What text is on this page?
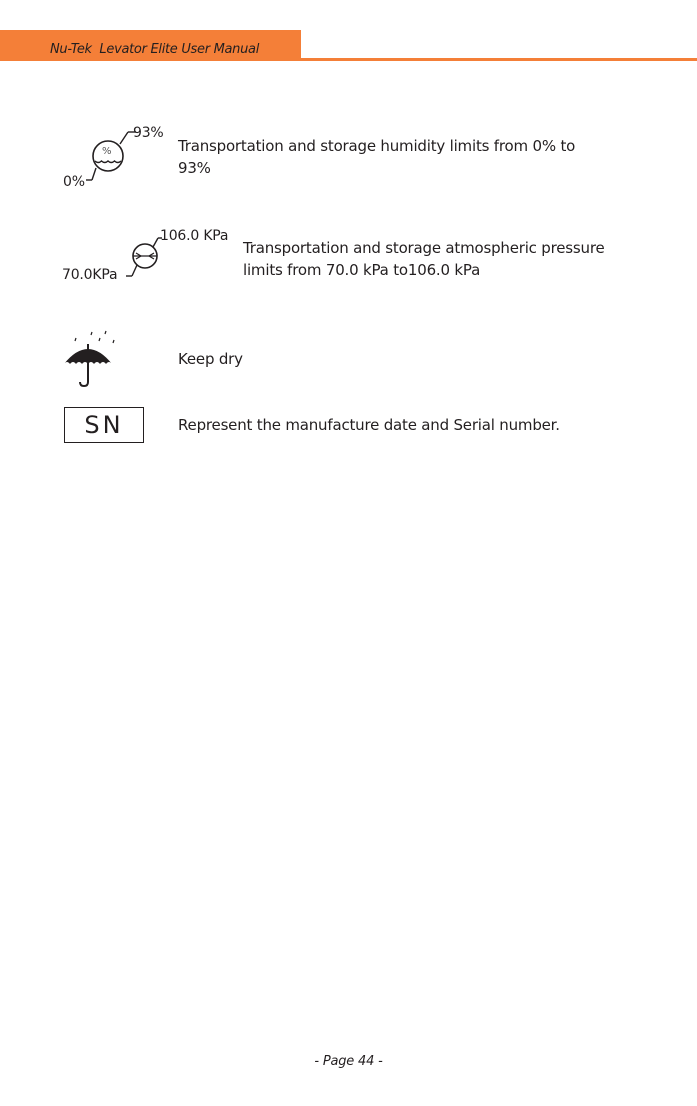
Nu-Tek  Levator Elite User Manual
%
93%
0%
Transportation and storage humidity limits from 0% to 93%
106.0 KPa
70.0KPa
Transportation and storage atmospheric pressure limits from 70.0 kPa to106.0 kPa
Keep dry
SN	Represent the manufacture date and Serial number.
- Page 44 -
